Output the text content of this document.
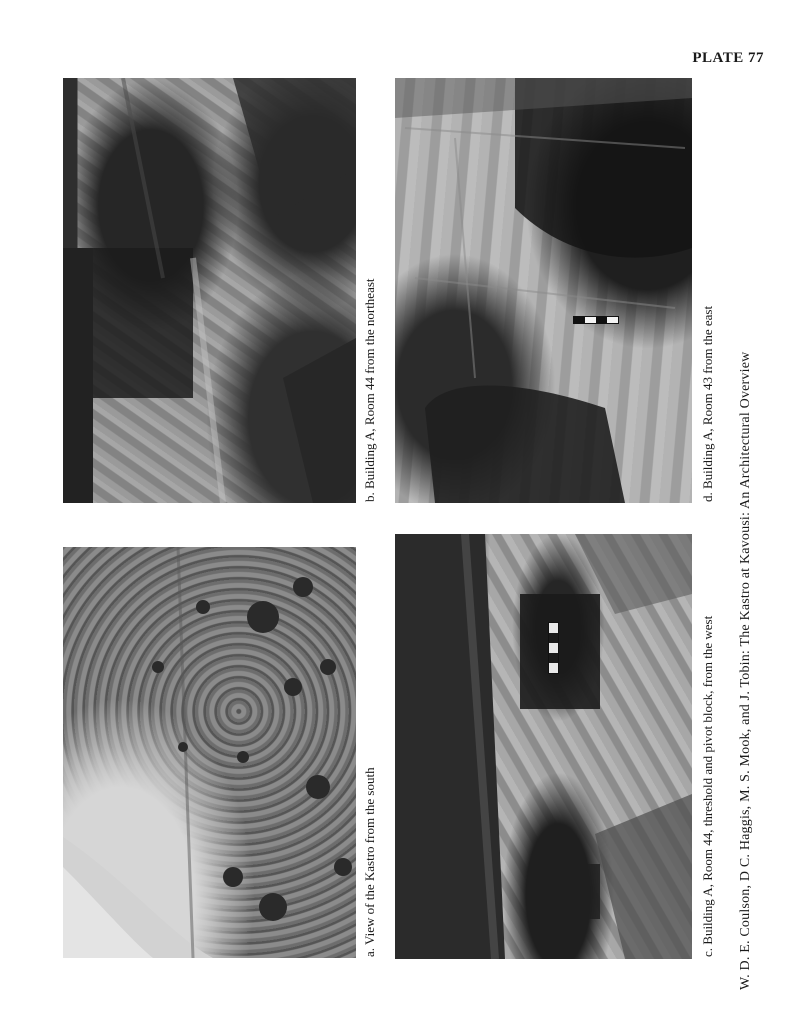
PLATE 77
a. View of the Kastro from the south
b. Building A, Room 44 from the northeast
c. Building A, Room 44, threshold and pivot block, from the west
d. Building A, Room 43 from the east W. D. E. Coulson, D C. Haggis, M. S. Mook, and J. Tobin: The Kastro at Kavousi: An Architectural Overview
